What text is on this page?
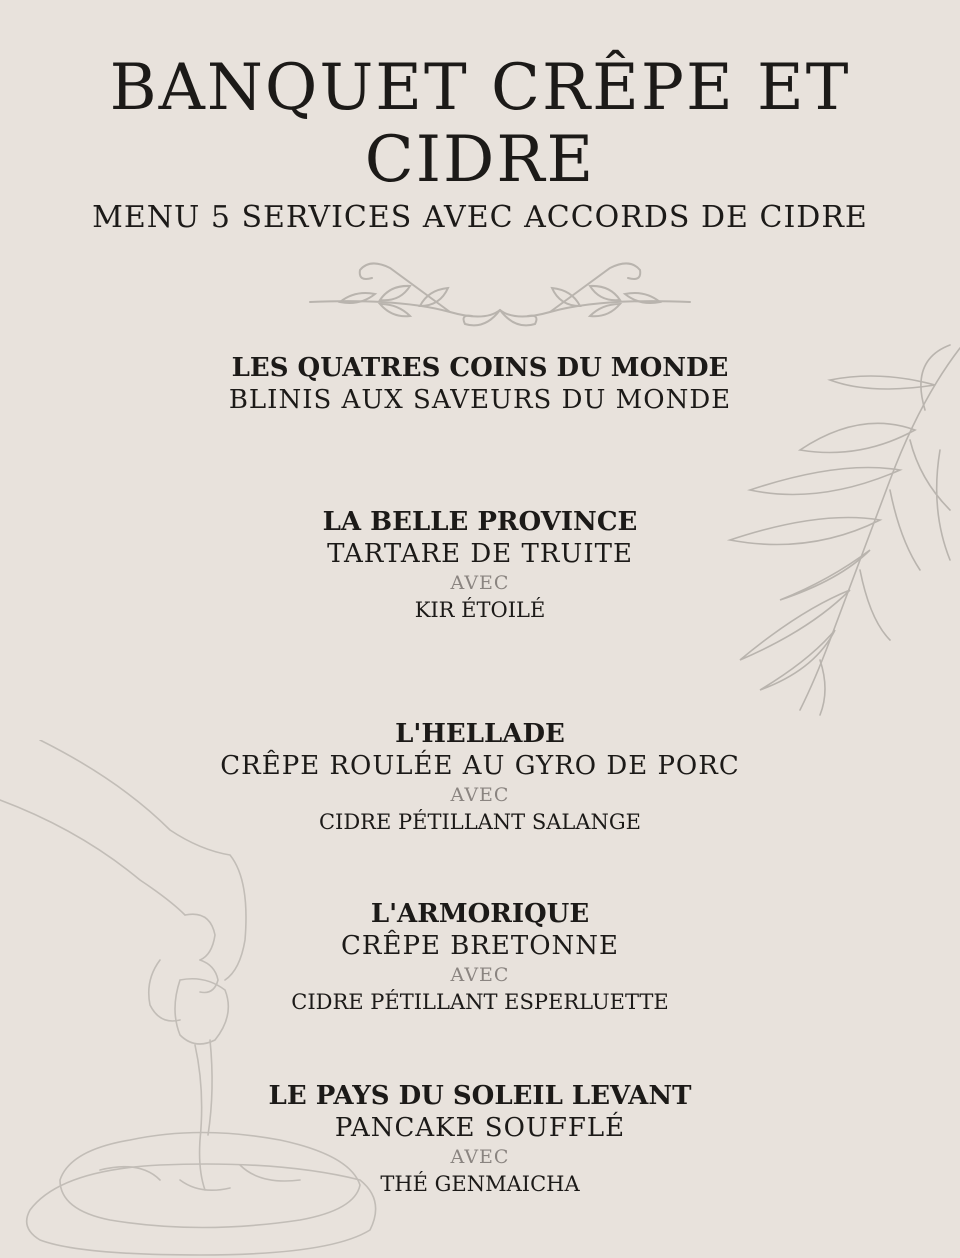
BANQUET CRÊPE ET CIDRE
MENU 5 SERVICES AVEC ACCORDS DE CIDRE
LES QUATRES COINS DU MONDE
BLINIS AUX SAVEURS DU MONDE
LA BELLE PROVINCE
TARTARE DE TRUITE
AVEC
KIR ÉTOILÉ
L'HELLADE
CRÊPE ROULÉE AU GYRO DE PORC
AVEC
CIDRE PÉTILLANT SALANGE
L'ARMORIQUE
CRÊPE BRETONNE
AVEC
CIDRE PÉTILLANT ESPERLUETTE
LE PAYS DU SOLEIL LEVANT
PANCAKE SOUFFLÉ
AVEC
THÉ GENMAICHA
